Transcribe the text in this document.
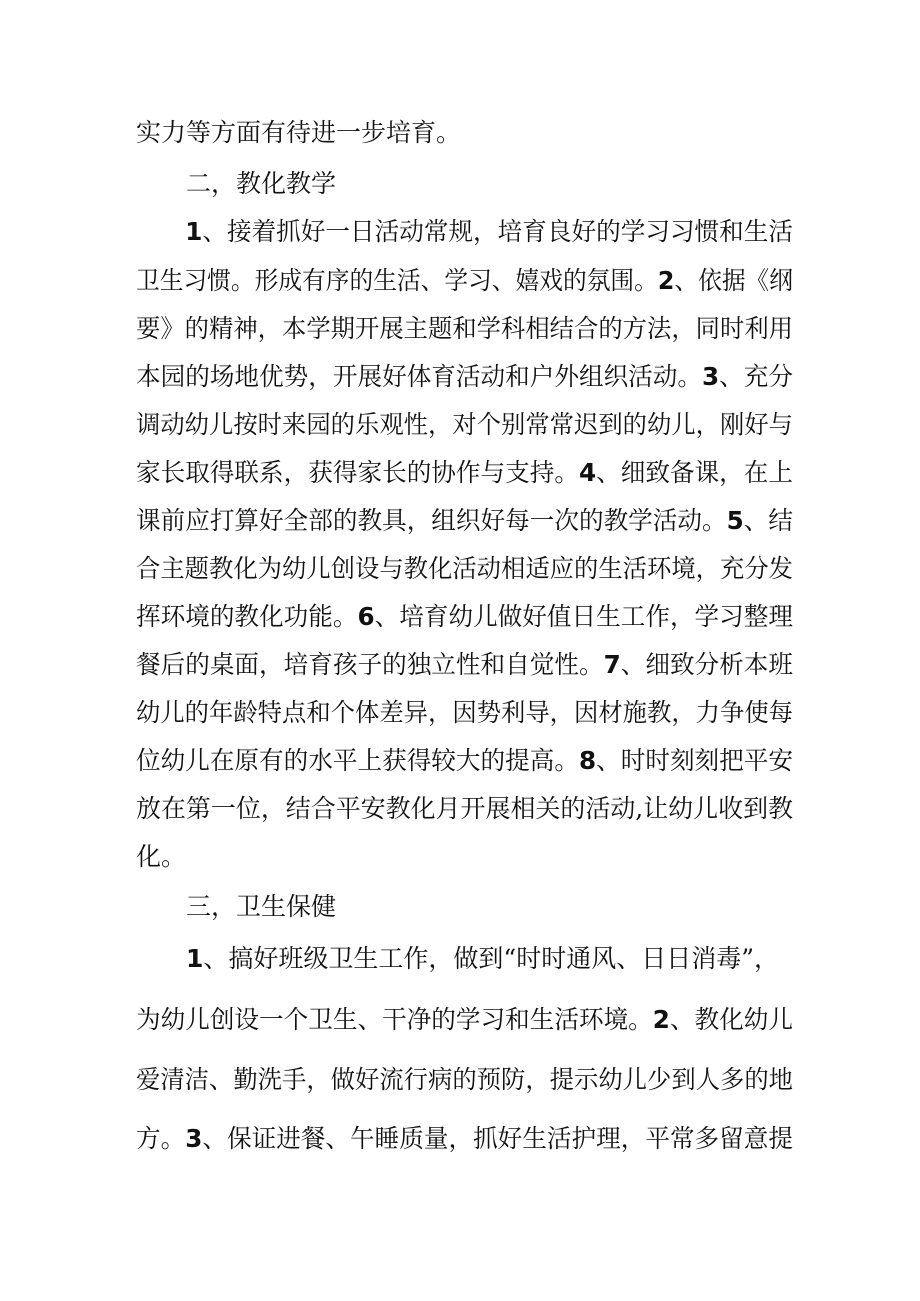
实力等方面有待进一步培育。
二，教化教学
1、接着抓好一日活动常规，培育良好的学习习惯和生活
卫生习惯。形成有序的生活、学习、嬉戏的氛围。2、依据《纲
要》的精神，本学期开展主题和学科相结合的方法，同时利用
本园的场地优势，开展好体育活动和户外组织活动。3、充分
调动幼儿按时来园的乐观性，对个别常常迟到的幼儿，刚好与
家长取得联系，获得家长的协作与支持。4、细致备课，在上
课前应打算好全部的教具，组织好每一次的教学活动。5、结
合主题教化为幼儿创设与教化活动相适应的生活环境，充分发
挥环境的教化功能。6、培育幼儿做好值日生工作，学习整理
餐后的桌面，培育孩子的独立性和自觉性。7、细致分析本班
幼儿的年龄特点和个体差异，因势利导，因材施教，力争使每
位幼儿在原有的水平上获得较大的提高。8、时时刻刻把平安
放在第一位，结合平安教化月开展相关的活动,让幼儿收到教
化。
三，卫生保健
1、搞好班级卫生工作，做到“时时通风、日日消毒”，
为幼儿创设一个卫生、干净的学习和生活环境。2、教化幼儿
爱清洁、勤洗手，做好流行病的预防，提示幼儿少到人多的地
方。3、保证进餐、午睡质量，抓好生活护理，平常多留意提
